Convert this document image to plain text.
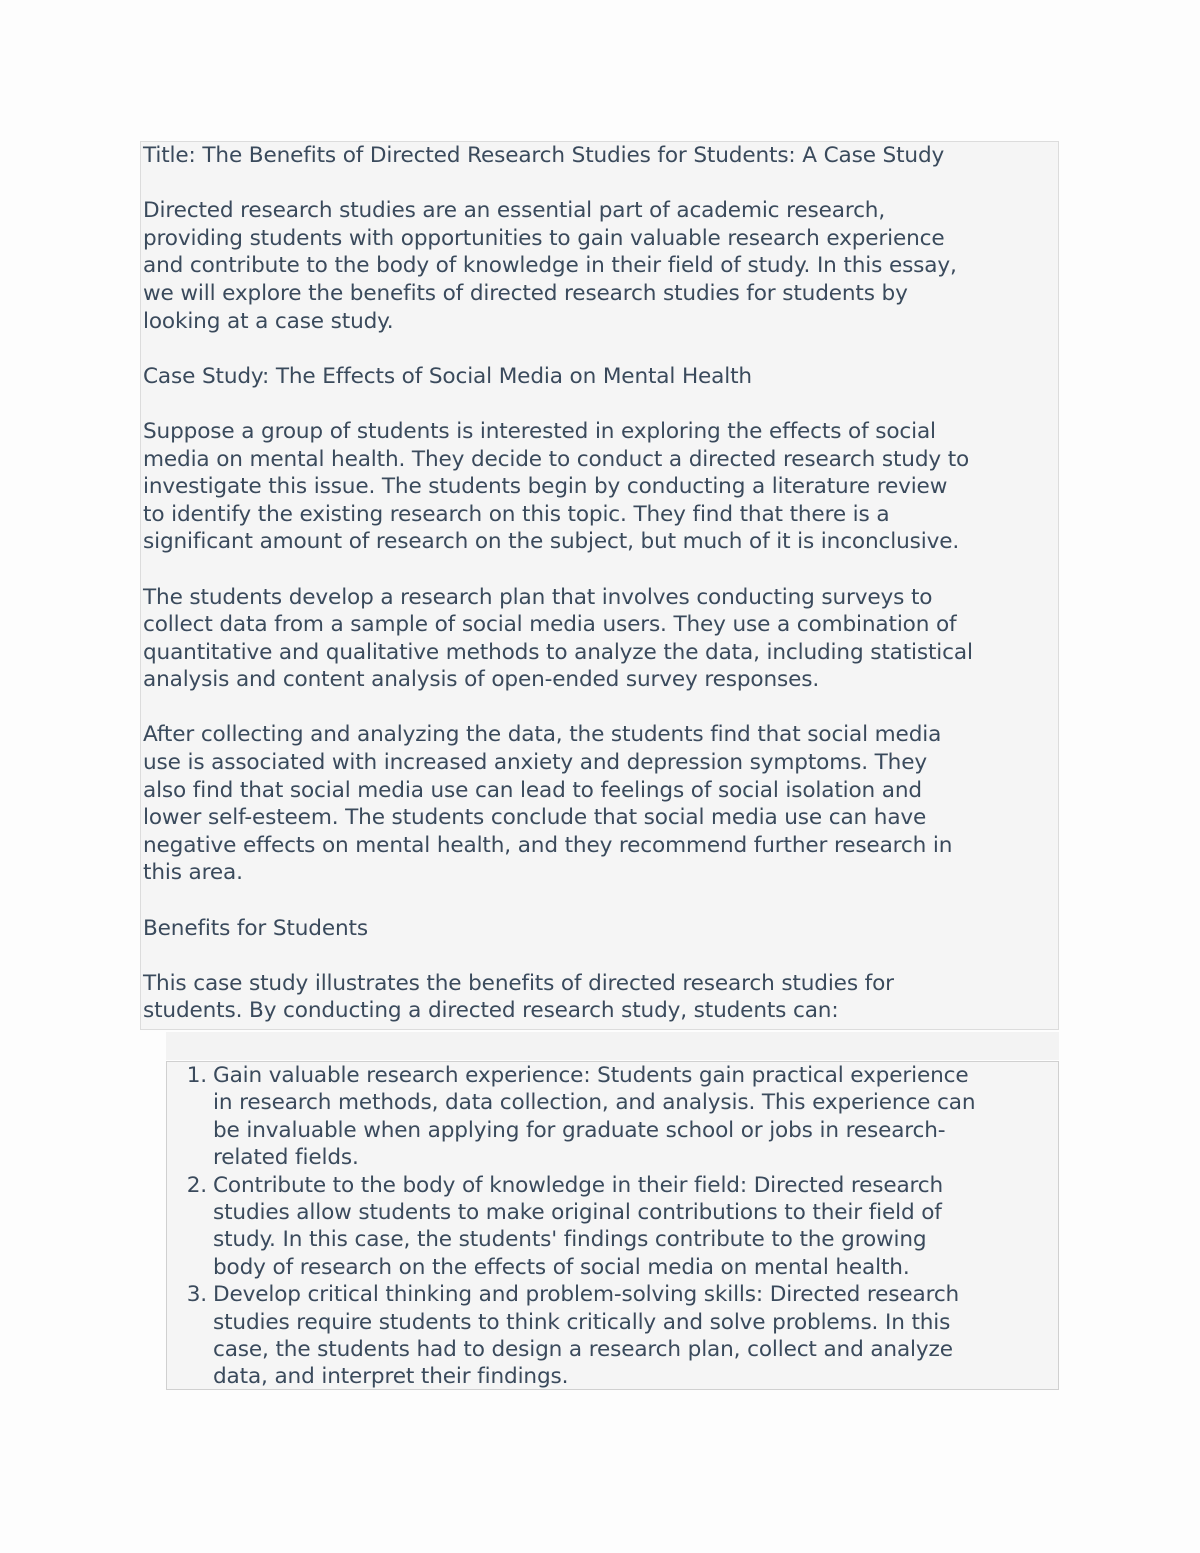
Title: The Benefits of Directed Research Studies for Students: A Case Study

Directed research studies are an essential part of academic research,
providing students with opportunities to gain valuable research experience
and contribute to the body of knowledge in their field of study. In this essay,
we will explore the benefits of directed research studies for students by
looking at a case study.

Case Study: The Effects of Social Media on Mental Health

Suppose a group of students is interested in exploring the effects of social
media on mental health. They decide to conduct a directed research study to
investigate this issue. The students begin by conducting a literature review
to identify the existing research on this topic. They find that there is a
significant amount of research on the subject, but much of it is inconclusive.

The students develop a research plan that involves conducting surveys to
collect data from a sample of social media users. They use a combination of
quantitative and qualitative methods to analyze the data, including statistical
analysis and content analysis of open-ended survey responses.

After collecting and analyzing the data, the students find that social media
use is associated with increased anxiety and depression symptoms. They
also find that social media use can lead to feelings of social isolation and
lower self-esteem. The students conclude that social media use can have
negative effects on mental health, and they recommend further research in
this area.

Benefits for Students

This case study illustrates the benefits of directed research studies for
students. By conducting a directed research study, students can:

1. Gain valuable research experience: Students gain practical experience
in research methods, data collection, and analysis. This experience can
be invaluable when applying for graduate school or jobs in research-
related fields.
2. Contribute to the body of knowledge in their field: Directed research
studies allow students to make original contributions to their field of
study. In this case, the students' findings contribute to the growing
body of research on the effects of social media on mental health.
3. Develop critical thinking and problem-solving skills: Directed research
studies require students to think critically and solve problems. In this
case, the students had to design a research plan, collect and analyze
data, and interpret their findings.
